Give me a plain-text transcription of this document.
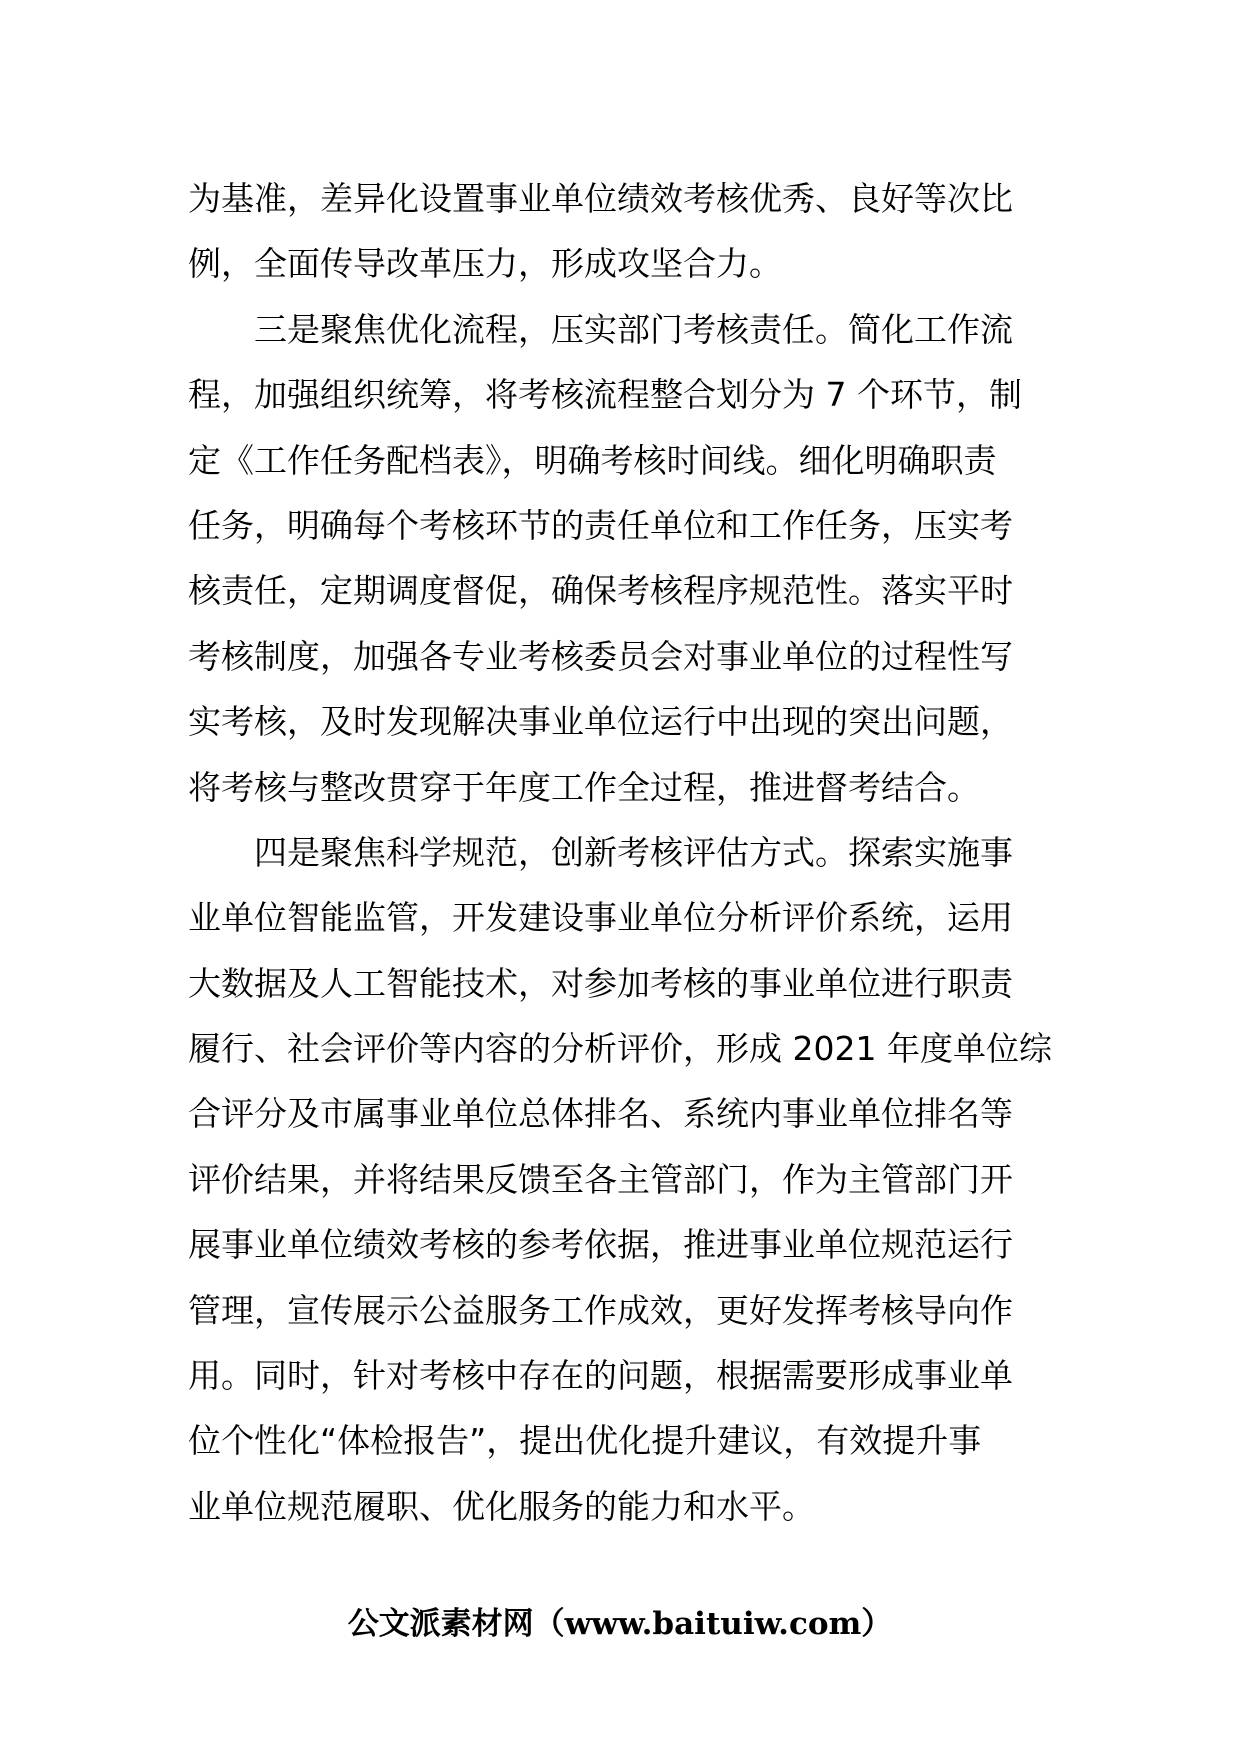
为基准，差异化设置事业单位绩效考核优秀、良好等次比
例，全面传导改革压力，形成攻坚合力。
三是聚焦优化流程，压实部门考核责任。简化工作流
程，加强组织统筹，将考核流程整合划分为 7 个环节，制
定《工作任务配档表》，明确考核时间线。细化明确职责
任务，明确每个考核环节的责任单位和工作任务，压实考
核责任，定期调度督促，确保考核程序规范性。落实平时
考核制度，加强各专业考核委员会对事业单位的过程性写
实考核，及时发现解决事业单位运行中出现的突出问题，
将考核与整改贯穿于年度工作全过程，推进督考结合。
四是聚焦科学规范，创新考核评估方式。探索实施事
业单位智能监管，开发建设事业单位分析评价系统，运用
大数据及人工智能技术，对参加考核的事业单位进行职责
履行、社会评价等内容的分析评价，形成 2021 年度单位综
合评分及市属事业单位总体排名、系统内事业单位排名等
评价结果，并将结果反馈至各主管部门，作为主管部门开
展事业单位绩效考核的参考依据，推进事业单位规范运行
管理，宣传展示公益服务工作成效，更好发挥考核导向作
用。同时，针对考核中存在的问题，根据需要形成事业单
位个性化“体检报告”，提出优化提升建议，有效提升事
业单位规范履职、优化服务的能力和水平。
公文派素材网（www.baituiw.com）
